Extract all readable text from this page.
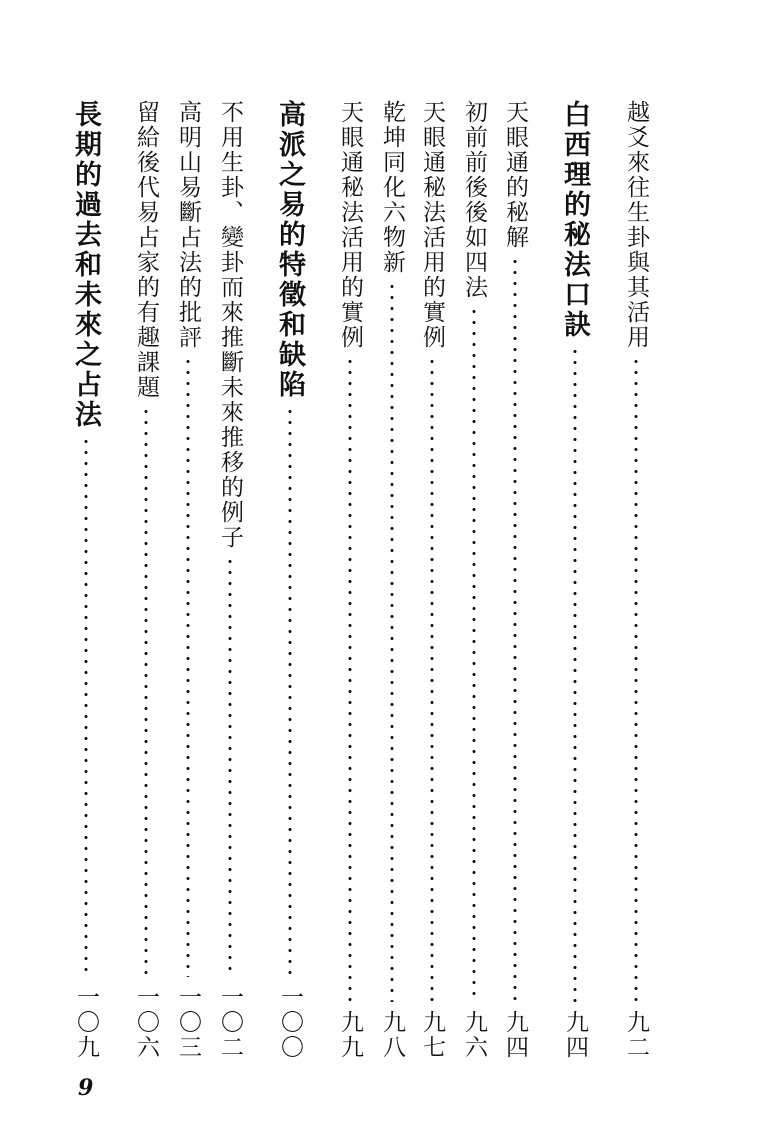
越爻來往生卦與其活用
九二
白西理的秘法口訣
九四
天眼通的秘解
九四
初前前後後如四法
九六
天眼通秘法活用的實例
九七
乾坤同化六物新
九八
天眼通秘法活用的實例
九九
高派之易的特徵和缺陷
一〇〇
不用生卦、變卦而來推斷未來推移的例子
一〇二
高明山易斷占法的批評
一〇三
留給後代易占家的有趣課題
一〇六
長期的過去和未來之占法
一〇九
9
